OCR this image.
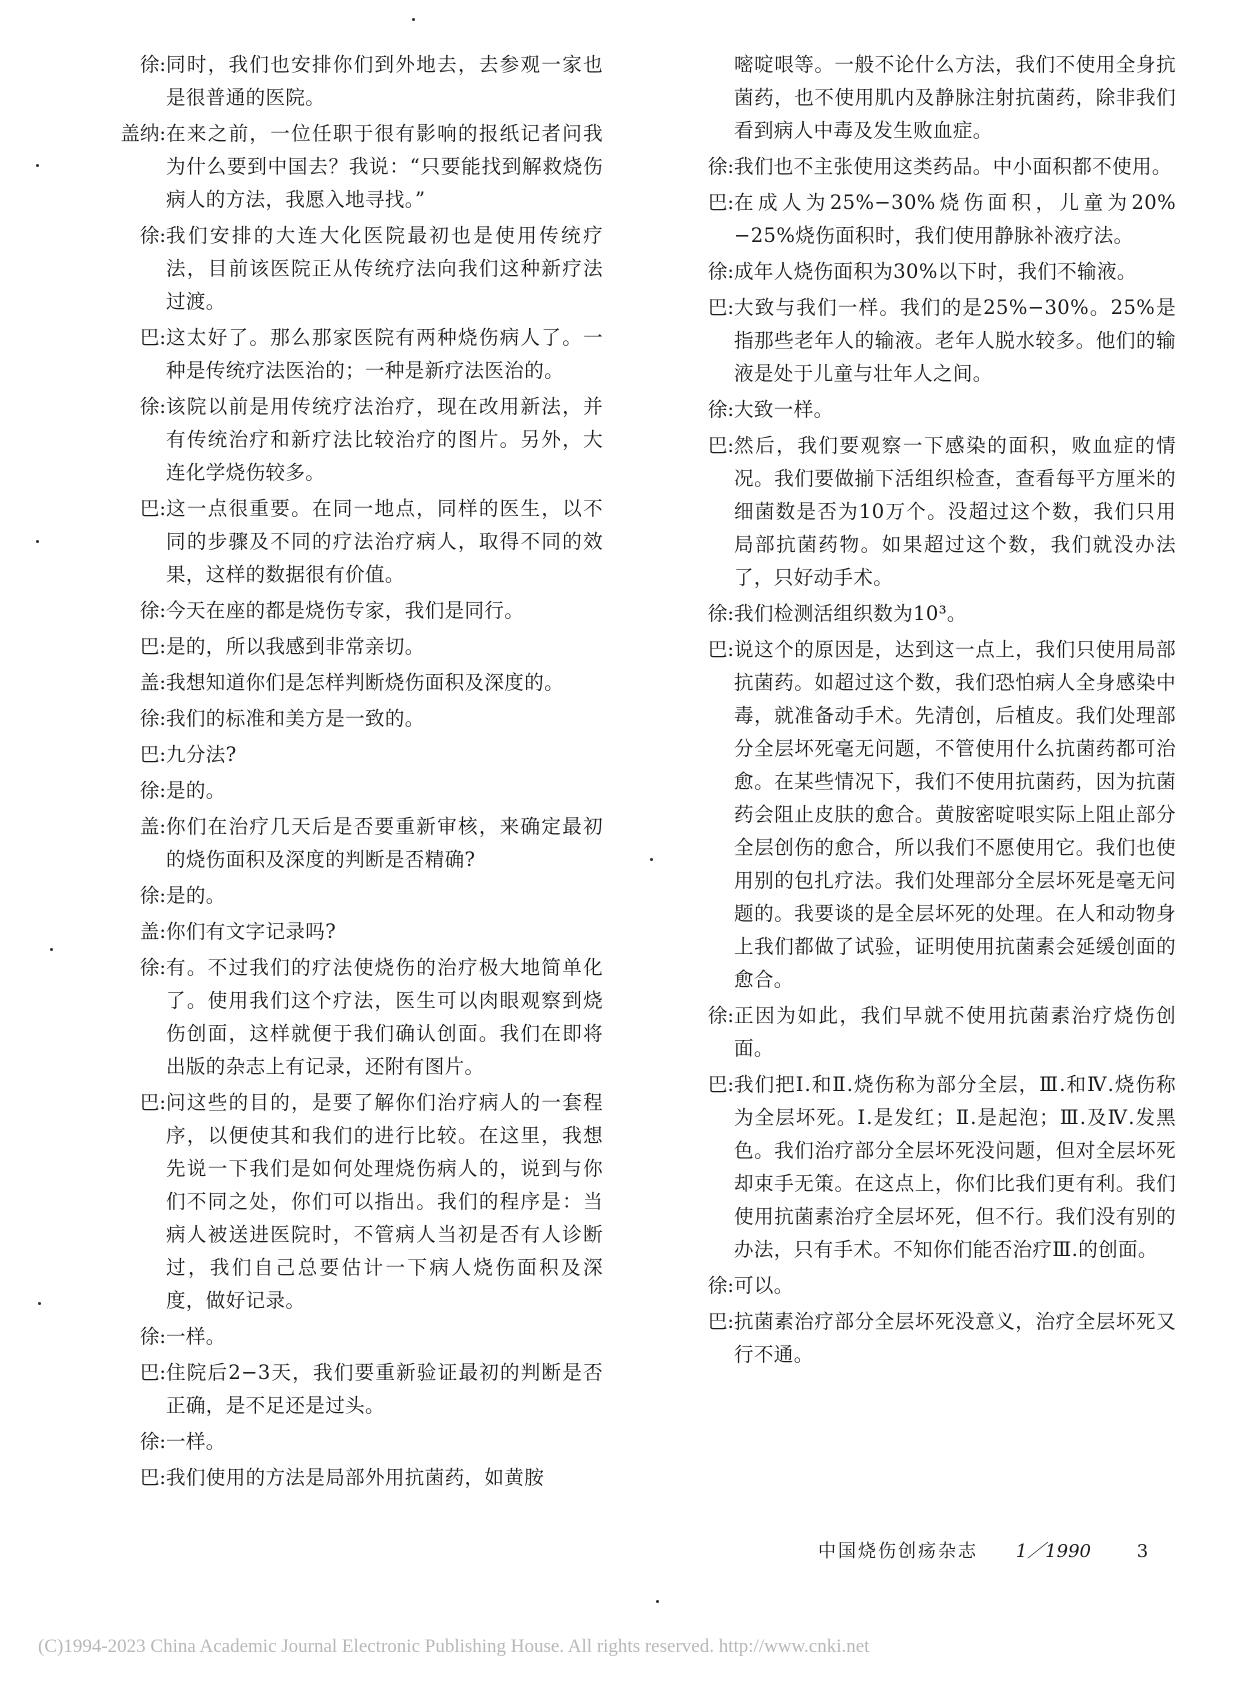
徐: 同时，我们也安排你们到外地去，去参观一家也是很普通的医院。
盖纳: 在来之前，一位任职于很有影响的报纸记者问我为什么要到中国去？我说：“只要能找到解救烧伤病人的方法，我愿入地寻找。”
徐: 我们安排的大连大化医院最初也是使用传统疗法，目前该医院正从传统疗法向我们这种新疗法过渡。
巴: 这太好了。那么那家医院有两种烧伤病人了。一种是传统疗法医治的；一种是新疗法医治的。
徐: 该院以前是用传统疗法治疗，现在改用新法，并有传统治疗和新疗法比较治疗的图片。另外，大连化学烧伤较多。
巴: 这一点很重要。在同一地点，同样的医生，以不同的步骤及不同的疗法治疗病人，取得不同的效果，这样的数据很有价值。
徐: 今天在座的都是烧伤专家，我们是同行。
巴: 是的，所以我感到非常亲切。
盖: 我想知道你们是怎样判断烧伤面积及深度的。
徐: 我们的标准和美方是一致的。
巴: 九分法?
徐: 是的。
盖: 你们在治疗几天后是否要重新审核，来确定最初的烧伤面积及深度的判断是否精确?
徐: 是的。
盖: 你们有文字记录吗?
徐: 有。不过我们的疗法使烧伤的治疗极大地简单化了。使用我们这个疗法，医生可以肉眼观察到烧伤创面，这样就便于我们确认创面。我们在即将出版的杂志上有记录，还附有图片。
巴: 问这些的目的，是要了解你们治疗病人的一套程序，以便使其和我们的进行比较。在这里，我想先说一下我们是如何处理烧伤病人的，说到与你们不同之处，你们可以指出。我们的程序是：当病人被送进医院时，不管病人当初是否有人诊断过，我们自己总要估计一下病人烧伤面积及深度，做好记录。
徐: 一样。
巴: 住院后2−3天，我们要重新验证最初的判断是否正确，是不足还是过头。
徐: 一样。
巴: 我们使用的方法是局部外用抗菌药，如黄胺
嘧啶哏等。一般不论什么方法，我们不使用全身抗菌药，也不使用肌内及静脉注射抗菌药，除非我们看到病人中毒及发生败血症。
徐: 我们也不主张使用这类药品。中小面积都不使用。
巴: 在成人为25%−30%烧伤面积，儿童为20%−25%烧伤面积时，我们使用静脉补液疗法。
徐: 成年人烧伤面积为30%以下时，我们不输液。
巴: 大致与我们一样。我们的是25%−30%。25%是指那些老年人的输液。老年人脱水较多。他们的输液是处于儿童与壮年人之间。
徐: 大致一样。
巴: 然后，我们要观察一下感染的面积，败血症的情况。我们要做揃下活组织检查，查看每平方厘米的细菌数是否为10万个。没超过这个数，我们只用局部抗菌药物。如果超过这个数，我们就没办法了，只好动手术。
徐: 我们检测活组织数为10³。
巴: 说这个的原因是，达到这一点上，我们只使用局部抗菌药。如超过这个数，我们恐怕病人全身感染中毒，就准备动手术。先清创，后植皮。我们处理部分全层坏死毫无问题，不管使用什么抗菌药都可治愈。在某些情况下，我们不使用抗菌药，因为抗菌药会阻止皮肤的愈合。黄胺密啶哏实际上阻止部分全层创伤的愈合，所以我们不愿使用它。我们也使用别的包扎疗法。我们处理部分全层坏死是毫无问题的。我要谈的是全层坏死的处理。在人和动物身上我们都做了试验，证明使用抗菌素会延缓创面的愈合。
徐: 正因为如此，我们早就不使用抗菌素治疗烧伤创面。
巴: 我们把Ⅰ.和Ⅱ.烧伤称为部分全层，Ⅲ.和Ⅳ.烧伤称为全层坏死。Ⅰ.是发红；Ⅱ.是起泡；Ⅲ.及Ⅳ.发黑色。我们治疗部分全层坏死没问题，但对全层坏死却束手无策。在这点上，你们比我们更有利。我们使用抗菌素治疗全层坏死，但不行。我们没有别的办法，只有手术。不知你们能否治疗Ⅲ.的创面。
徐: 可以。
巴: 抗菌素治疗部分全层坏死没意义，治疗全层坏死又行不通。
中国烧伤创疡杂志 1／1990	3
(C)1994-2023 China Academic Journal Electronic Publishing House. All rights reserved. http://www.cnki.net
